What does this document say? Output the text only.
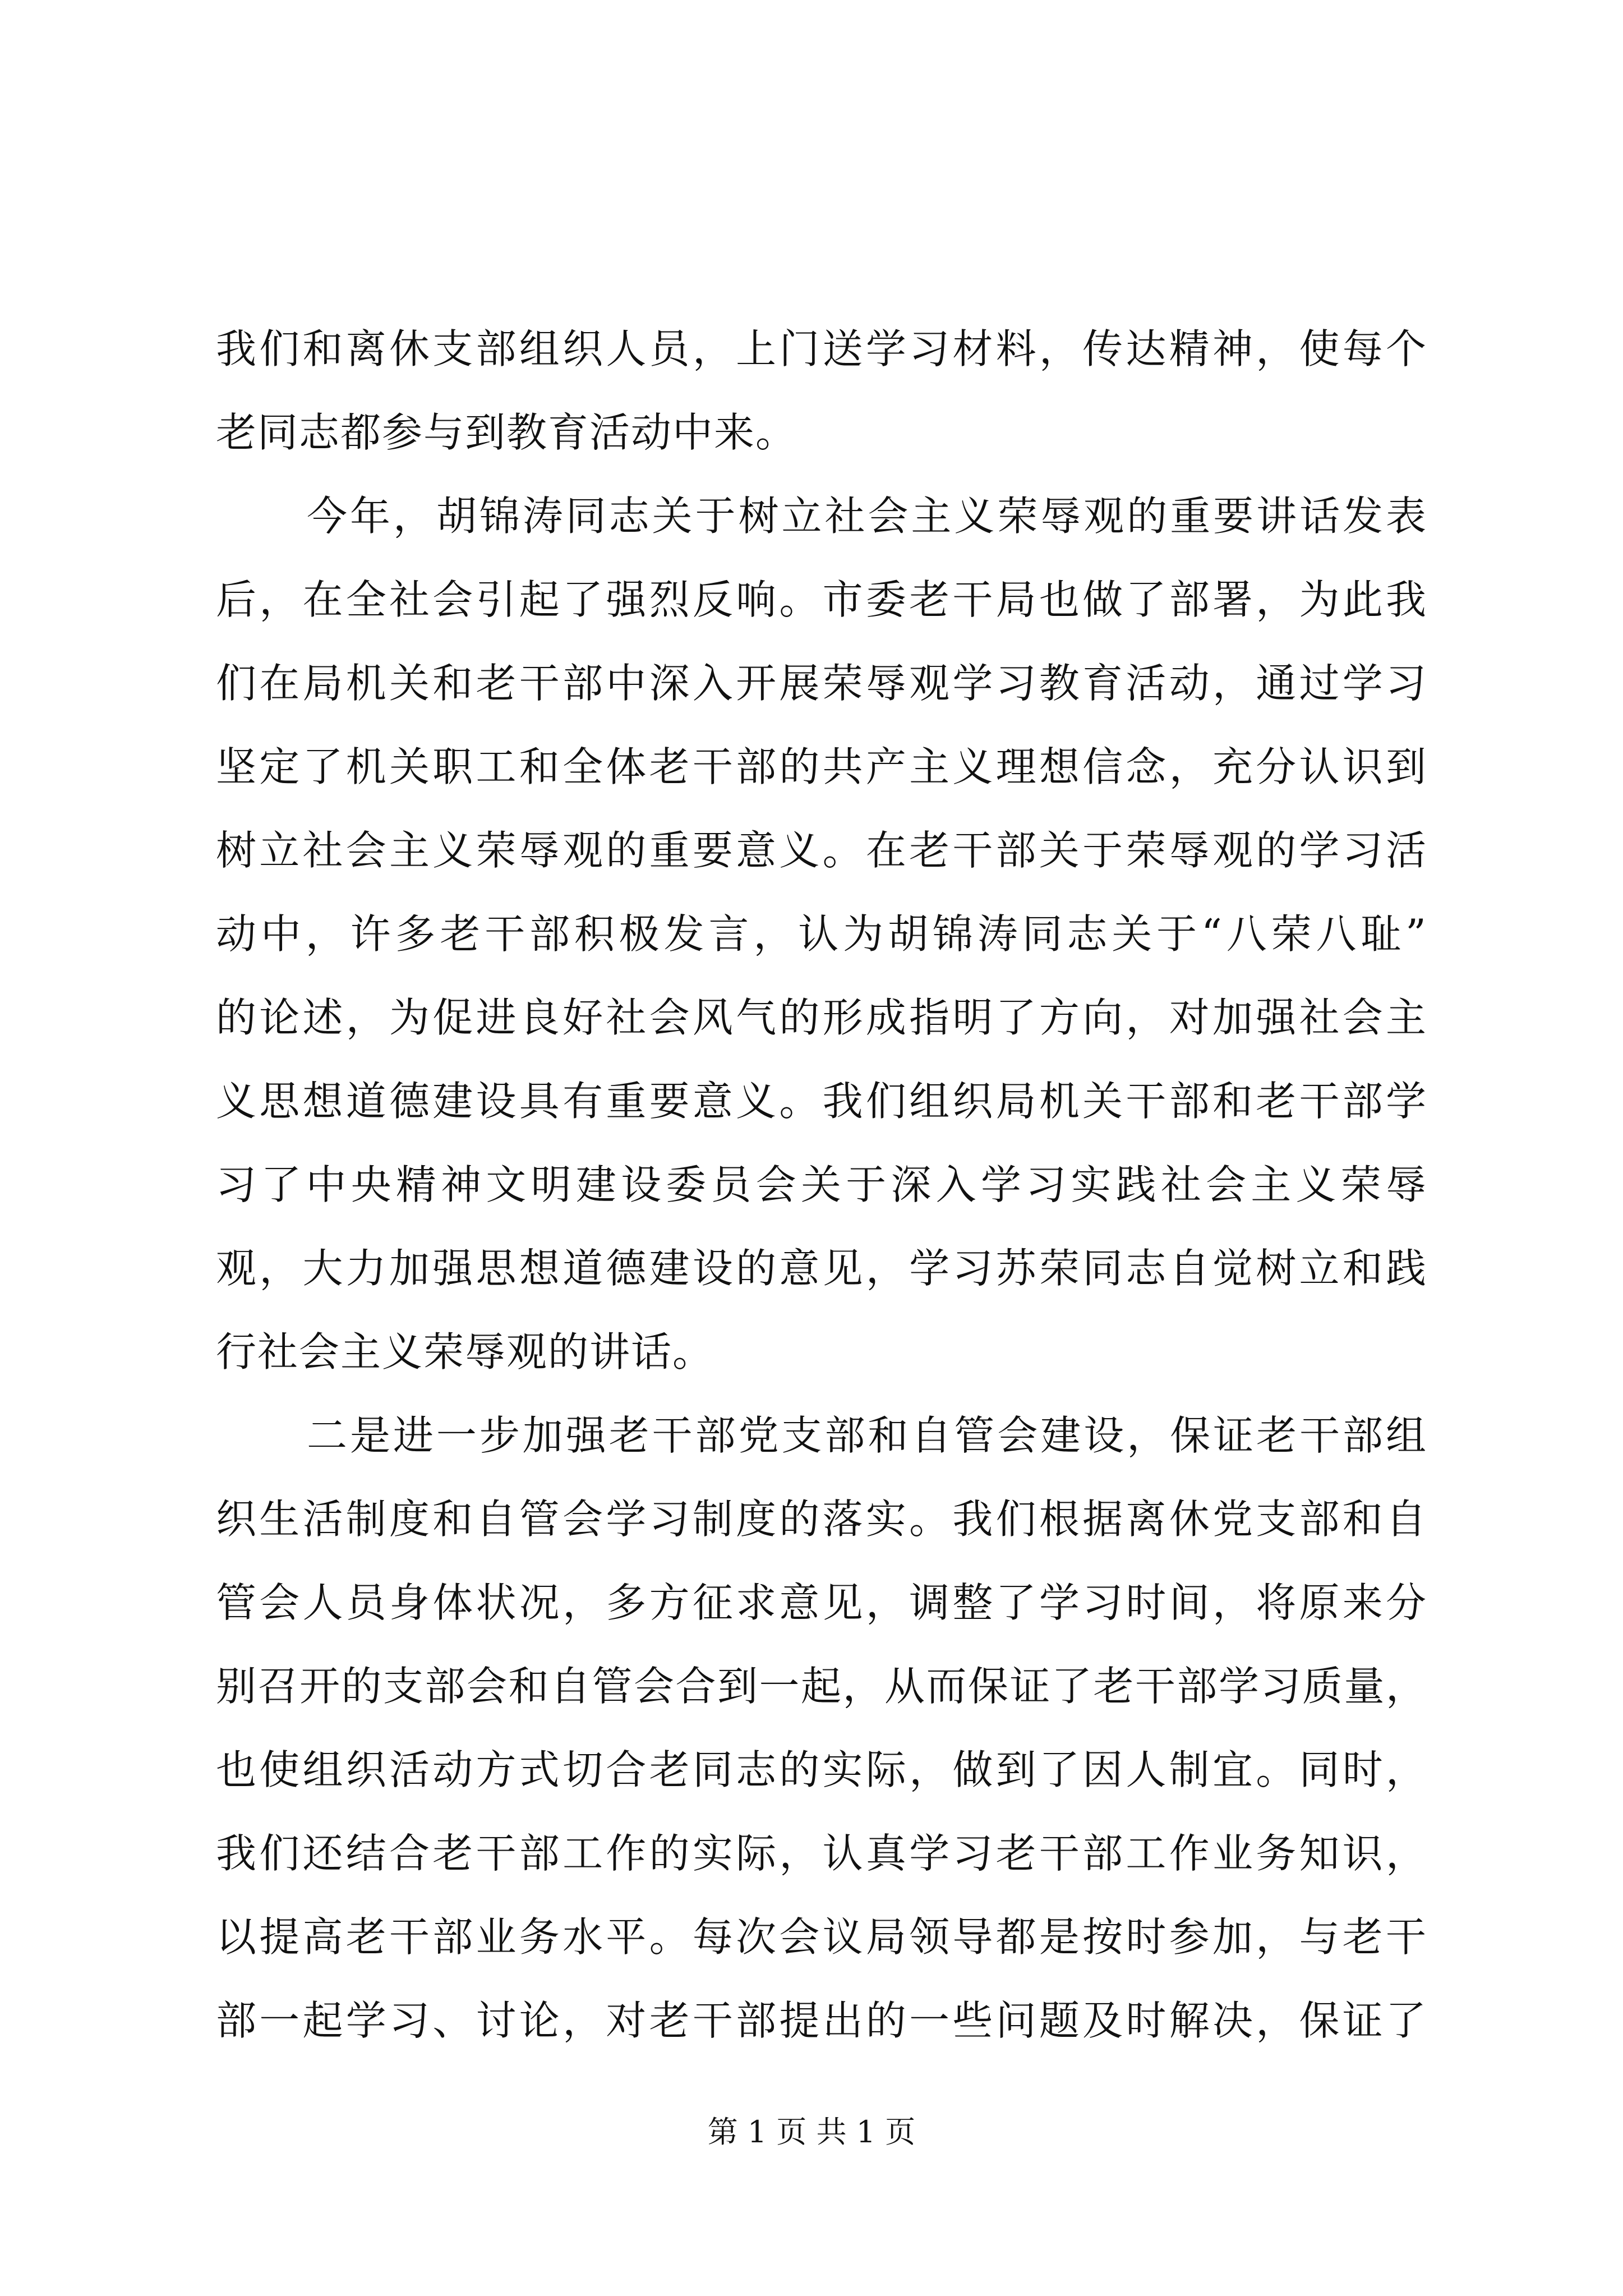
我们和离休支部组织人员，上门送学习材料，传达精神，使每个
老同志都参与到教育活动中来。
今年，胡锦涛同志关于树立社会主义荣辱观的重要讲话发表
后，在全社会引起了强烈反响。市委老干局也做了部署，为此我
们在局机关和老干部中深入开展荣辱观学习教育活动，通过学习
坚定了机关职工和全体老干部的共产主义理想信念，充分认识到
树立社会主义荣辱观的重要意义。在老干部关于荣辱观的学习活
动中，许多老干部积极发言，认为胡锦涛同志关于“八荣八耻”
的论述，为促进良好社会风气的形成指明了方向，对加强社会主
义思想道德建设具有重要意义。我们组织局机关干部和老干部学
习了中央精神文明建设委员会关于深入学习实践社会主义荣辱
观，大力加强思想道德建设的意见，学习苏荣同志自觉树立和践
行社会主义荣辱观的讲话。
二是进一步加强老干部党支部和自管会建设，保证老干部组
织生活制度和自管会学习制度的落实。我们根据离休党支部和自
管会人员身体状况，多方征求意见，调整了学习时间，将原来分
别召开的支部会和自管会合到一起，从而保证了老干部学习质量，
也使组织活动方式切合老同志的实际，做到了因人制宜。同时，
我们还结合老干部工作的实际，认真学习老干部工作业务知识，
以提高老干部业务水平。每次会议局领导都是按时参加，与老干
部一起学习、讨论，对老干部提出的一些问题及时解决，保证了
第 1 页 共 1 页
